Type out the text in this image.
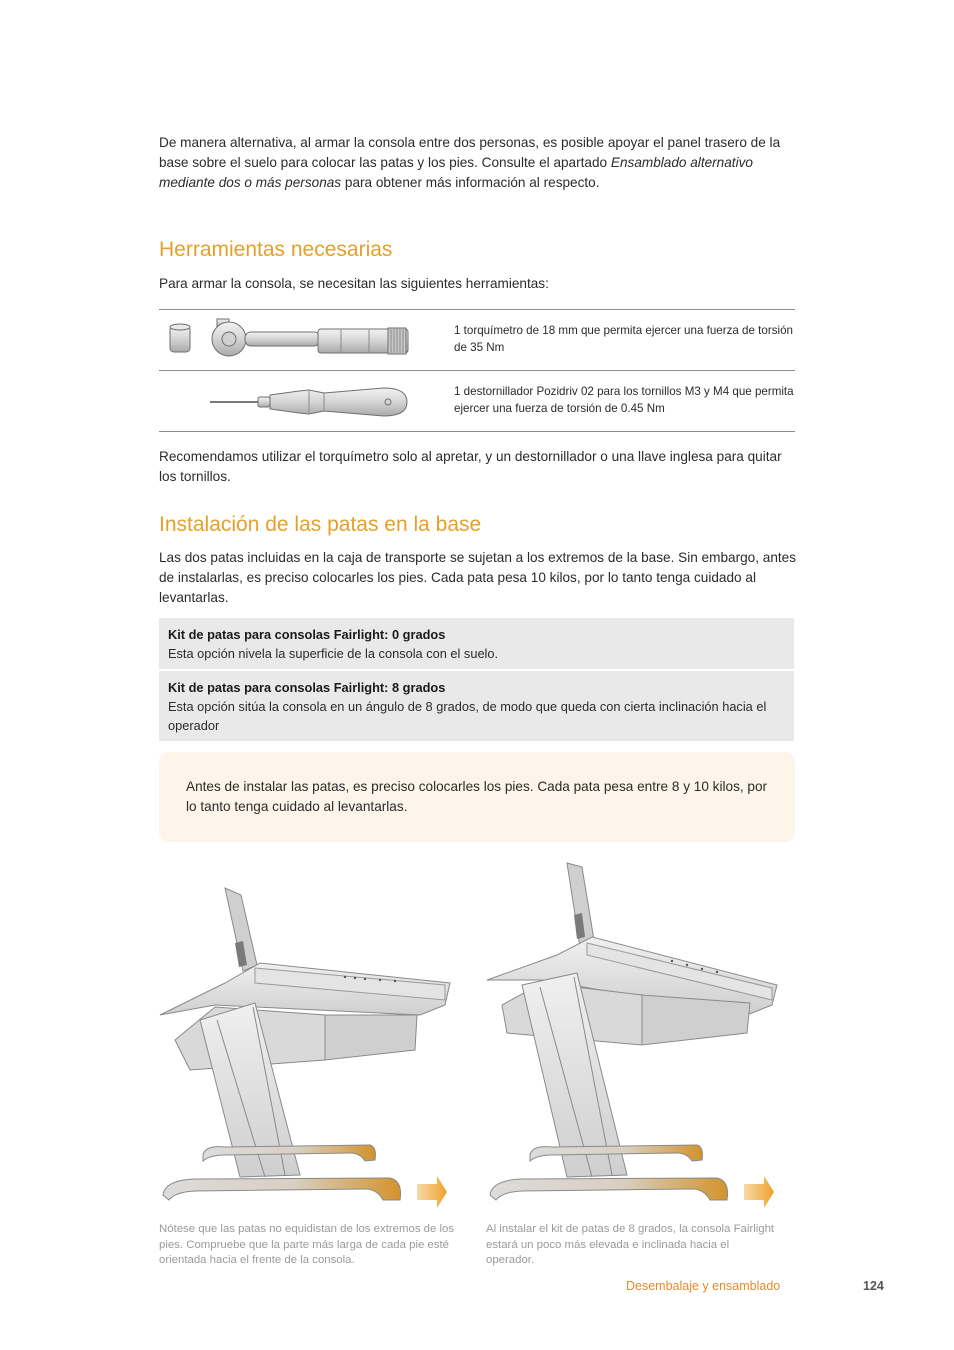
De manera alternativa, al armar la consola entre dos personas, es posible apoyar el panel trasero de la base sobre el suelo para colocar las patas y los pies. Consulte el apartado Ensamblado alternativo mediante dos o más personas para obtener más información al respecto.

Herramientas necesarias

Para armar la consola, se necesitan las siguientes herramientas:

1 torquímetro de 18 mm que permita ejercer una fuerza de torsión de 35 Nm
1 destornillador Pozidriv 02 para los tornillos M3 y M4 que permita ejercer una fuerza de torsión de 0.45 Nm

Recomendamos utilizar el torquímetro solo al apretar, y un destornillador o una llave inglesa para quitar los tornillos.

Instalación de las patas en la base

Las dos patas incluidas en la caja de transporte se sujetan a los extremos de la base. Sin embargo, antes de instalarlas, es preciso colocarles los pies. Cada pata pesa 10 kilos, por lo tanto tenga cuidado al levantarlas.

Kit de patas para consolas Fairlight: 0 grados
Esta opción nivela la superficie de la consola con el suelo.
Kit de patas para consolas Fairlight: 8 grados
Esta opción sitúa la consola en un ángulo de 8 grados, de modo que queda con cierta inclinación hacia el operador

Antes de instalar las patas, es preciso colocarles los pies. Cada pata pesa entre 8 y 10 kilos, por lo tanto tenga cuidado al levantarlas.

Nótese que las patas no equidistan de los extremos de los pies. Compruebe que la parte más larga de cada pie esté orientada hacia el frente de la consola.
Al instalar el kit de patas de 8 grados, la consola Fairlight estará un poco más elevada e inclinada hacia el operador.
Desembalaje y ensamblado	124
